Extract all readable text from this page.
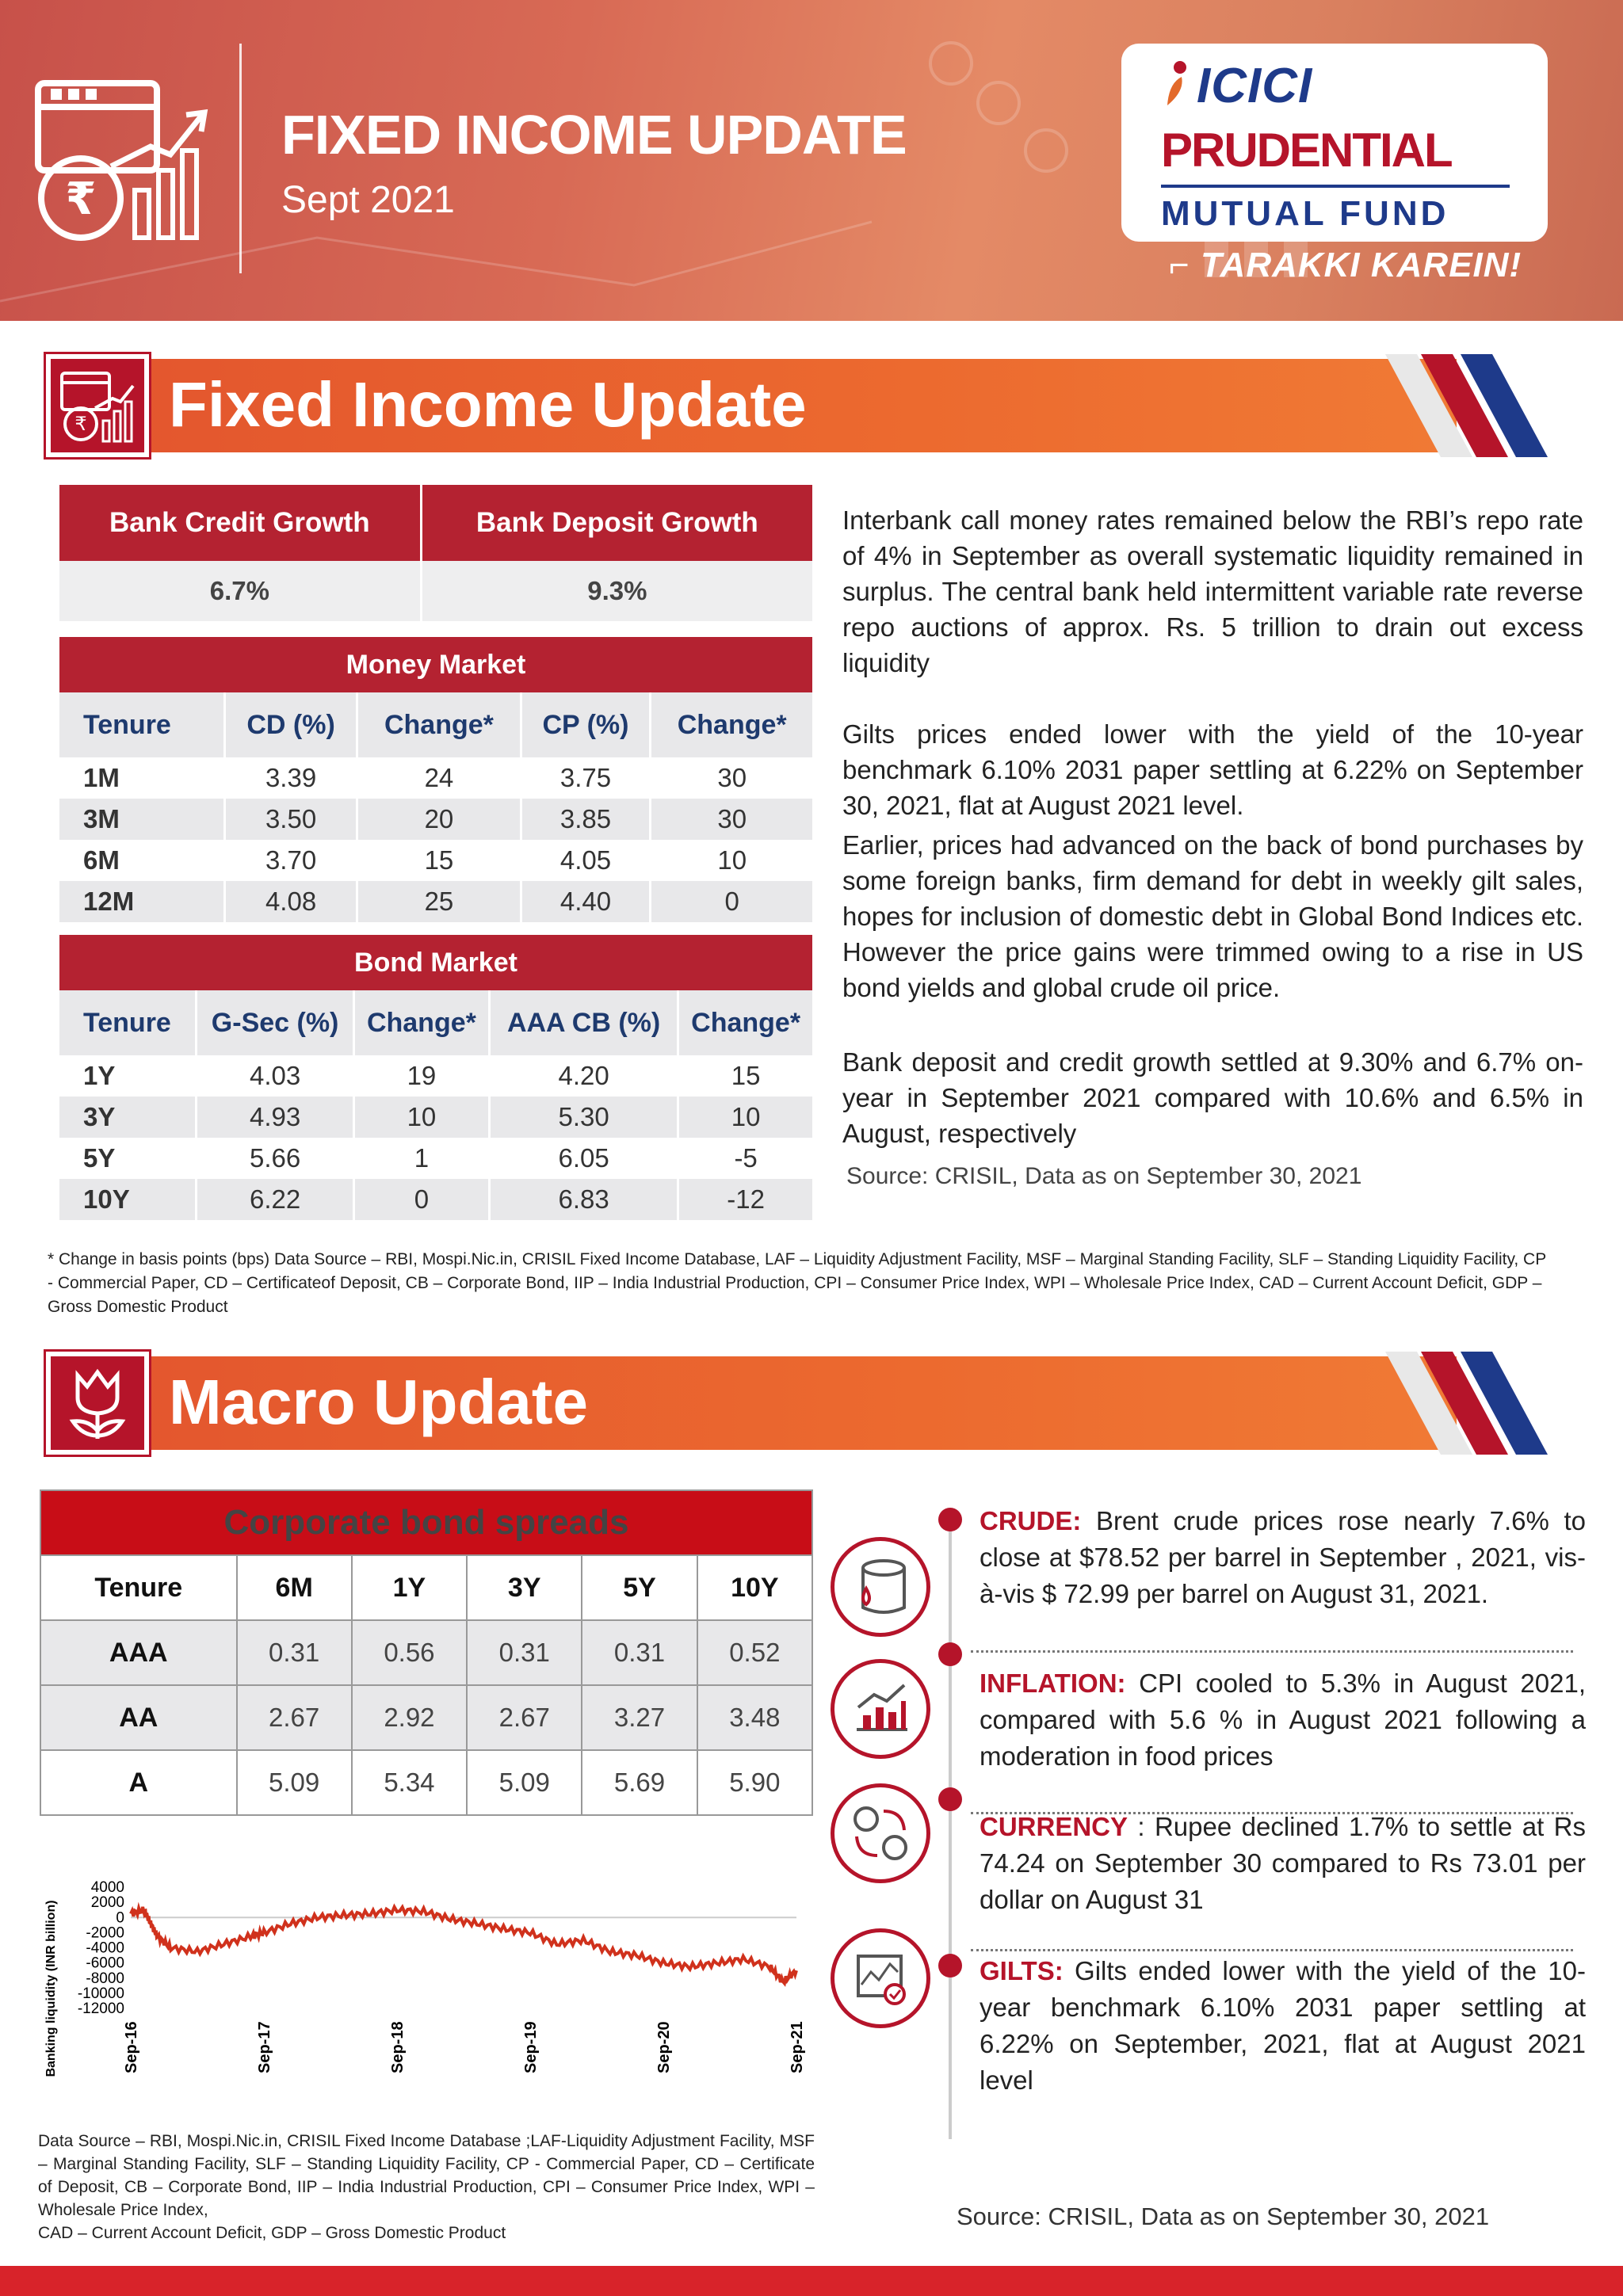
₹
FIXED INCOME UPDATE
Sept 2021
ICICI
PRUDENTIAL
MUTUAL FUND
⌐ TARAKKI KAREIN!
₹ Fixed Income Update
Bank Credit Growth	Bank Deposit Growth
6.7%	9.3%
Money Market				
Tenure	CD (%)	Change*	CP (%)	Change*
1M	3.39	24	3.75	30
3M	3.50	20	3.85	30
6M	3.70	15	4.05	10
12M	4.08	25	4.40	0
Bond Market				
Tenure	G-Sec (%)	Change*	AAA CB (%)	Change*
1Y	4.03	19	4.20	15
3Y	4.93	10	5.30	10
5Y	5.66	1	6.05	-5
10Y	6.22	0	6.83	-12

Interbank call money rates remained below the RBI’s repo rate of 4% in September as overall systematic liquidity remained in surplus. The central bank held intermittent variable rate reverse repo auctions of approx. Rs. 5 trillion to drain out excess liquidity

Gilts prices ended lower with the yield of the 10-year benchmark 6.10% 2031 paper settling at 6.22% on September 30, 2021, flat at August 2021 level.

Earlier, prices had advanced on the back of bond purchases by some foreign banks, firm demand for debt in weekly gilt sales, hopes for inclusion of domestic debt in Global Bond Indices etc. However the price gains were trimmed owing to a rise in US bond yields and global crude oil price.

Bank deposit and credit growth settled at 9.30% and 6.7% on-year in September 2021 compared with 10.6% and 6.5% in August, respectively

Source: CRISIL, Data as on September 30, 2021
* Change in basis points (bps) Data Source – RBI, Mospi.Nic.in, CRISIL Fixed Income Database, LAF – Liquidity Adjustment Facility, MSF – Marginal Standing Facility, SLF – Standing Liquidity Facility, CP - Commercial Paper, CD – Certificateof Deposit, CB – Corporate Bond, IIP – India Industrial Production, CPI – Consumer Price Index, WPI – Wholesale Price Index, CAD – Current Account Deficit, GDP – Gross Domestic Product
Macro Update
Corporate bond spreads					
Tenure	6M	1Y	3Y	5Y	10Y
AAA	0.31	0.56	0.31	0.31	0.52
AA	2.67	2.92	2.67	3.27	3.48
A	5.09	5.34	5.09	5.69	5.90
Banking liquidity (INR billion)
4000
2000
0
-2000
-4000
-6000
-8000
-10000
-12000
Sep-16	Sep-17	Sep-18	Sep-19	Sep-20	Sep-21
Data Source – RBI, Mospi.Nic.in, CRISIL Fixed Income Database ;LAF-Liquidity Adjustment Facility, MSF – Marginal Standing Facility, SLF – Standing Liquidity Facility, CP - Commercial Paper, CD – Certificate of Deposit, CB – Corporate Bond, IIP – India Industrial Production, CPI – Consumer Price Index, WPI – Wholesale Price Index,
CAD – Current Account Deficit, GDP – Gross Domestic Product

CRUDE: Brent crude prices rose nearly 7.6% to close at $78.52 per barrel in September , 2021, vis-à-vis $ 72.99 per barrel on August 31, 2021.

INFLATION: CPI cooled to 5.3% in August 2021, compared with 5.6 % in August 2021 following a moderation in food prices

CURRENCY : Rupee declined 1.7% to settle at Rs 74.24 on September 30 compared to Rs 73.01 per dollar on August 31

GILTS: Gilts ended lower with the yield of the 10-year benchmark 6.10% 2031 paper settling at 6.22% on September, 2021, flat at August 2021 level

Source: CRISIL, Data as on September 30, 2021
